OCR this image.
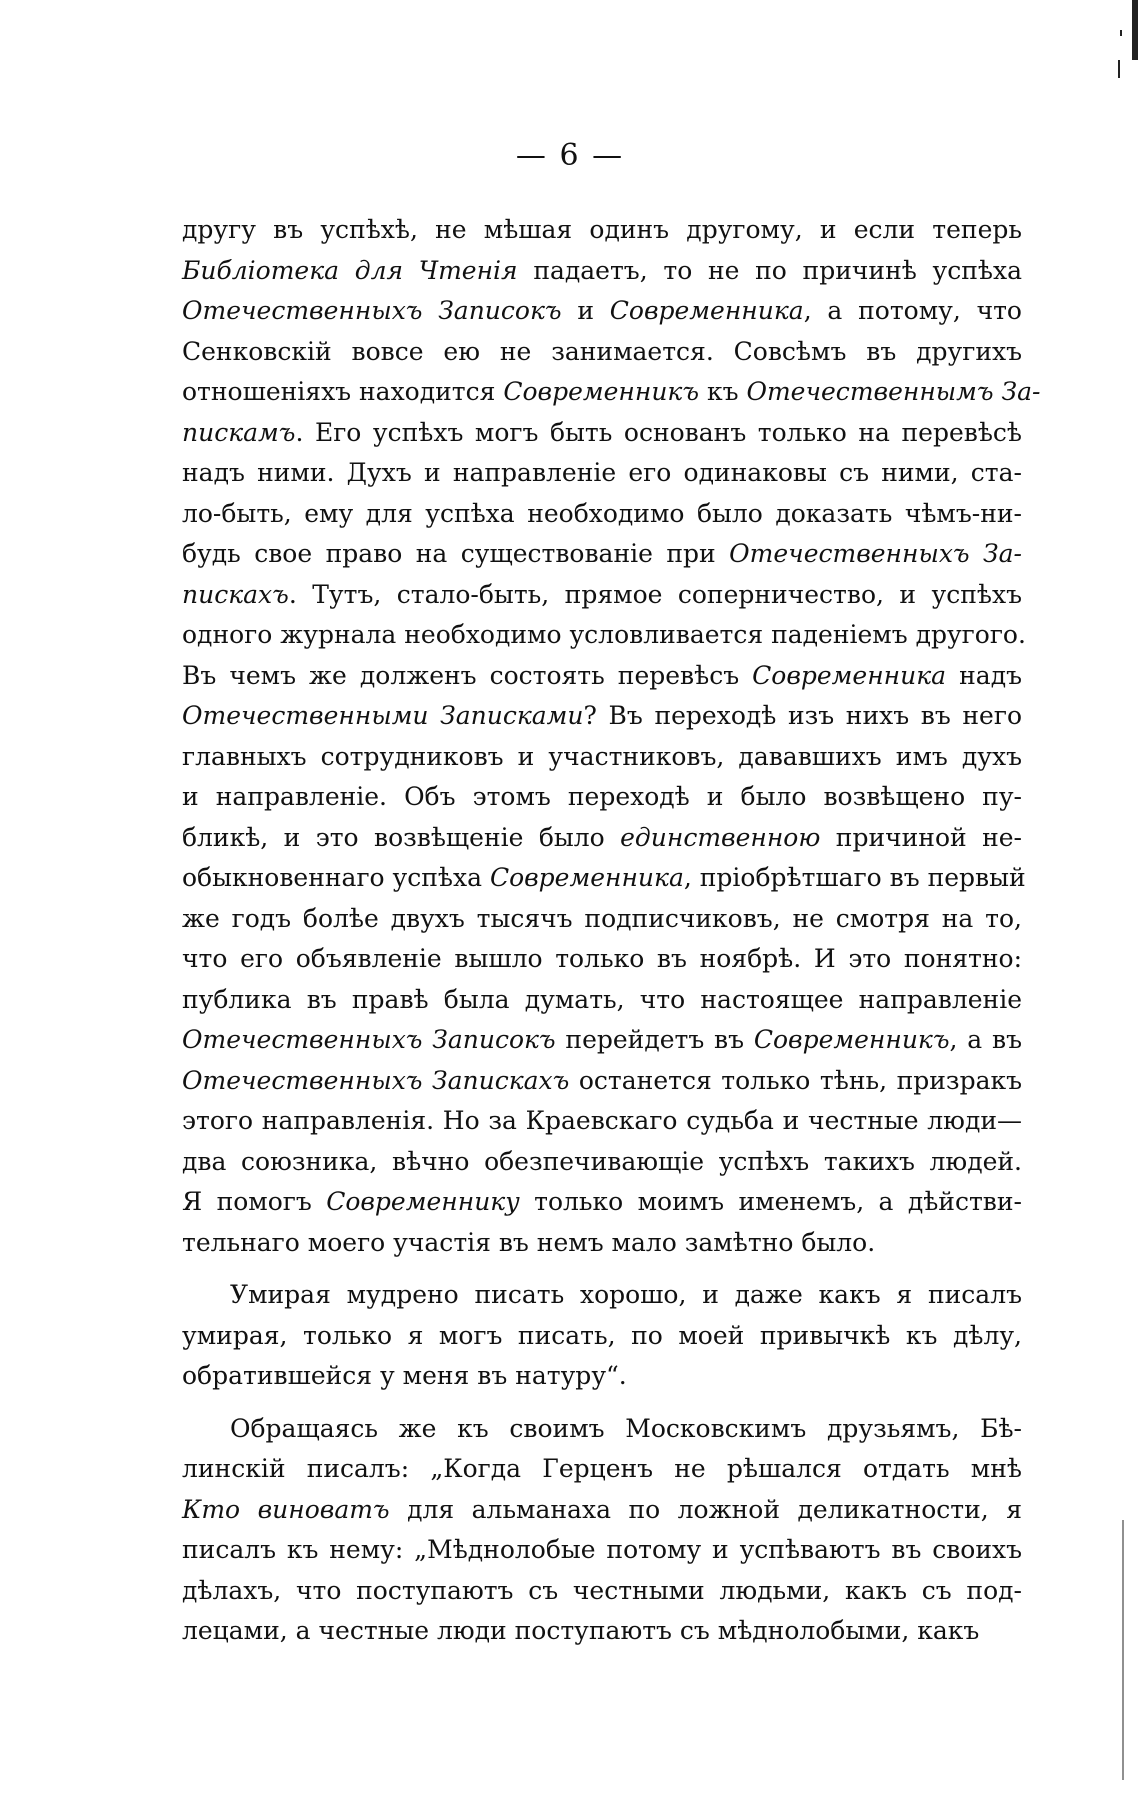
— 6 —
другу въ успѣхѣ, не мѣшая одинъ другому, и если теперь
Библіотека для Чтенія падаетъ, то не по причинѣ успѣха
Отечественныхъ Записокъ и Современника, а потому, что
Сенковскій вовсе ею не занимается. Совсѣмъ въ другихъ
отношеніяхъ находится Современникъ къ Отечественнымъ За-
пискамъ. Его успѣхъ могъ быть основанъ только на перевѣсѣ
надъ ними. Духъ и направленіе его одинаковы съ ними, ста-
ло-быть, ему для успѣха необходимо было доказать чѣмъ-ни-
будь свое право на существованіе при Отечественныхъ За-
пискахъ. Тутъ, стало-быть, прямое соперничество, и успѣхъ
одного журнала необходимо условливается паденіемъ другого.
Въ чемъ же долженъ состоять перевѣсъ Современника надъ
Отечественными Записками? Въ переходѣ изъ нихъ въ него
главныхъ сотрудниковъ и участниковъ, дававшихъ имъ духъ
и направленіе. Объ этомъ переходѣ и было возвѣщено пу-
бликѣ, и это возвѣщеніе было единственною причиной не-
обыкновеннаго успѣха Современника, пріобрѣтшаго въ первый
же годъ болѣе двухъ тысячъ подписчиковъ, не смотря на то,
что его объявленіе вышло только въ ноябрѣ. И это понятно:
публика въ правѣ была думать, что настоящее направленіе
Отечественныхъ Записокъ перейдетъ въ Современникъ, а въ
Отечественныхъ Запискахъ останется только тѣнь, призракъ
этого направленія. Но за Краевскаго судьба и честные люди—
два союзника, вѣчно обезпечивающіе успѣхъ такихъ людей.
Я помогъ Современнику только моимъ именемъ, а дѣйстви-
тельнаго моего участія въ немъ мало замѣтно было.
Умирая мудрено писать хорошо, и даже какъ я писалъ
умирая, только я могъ писать, по моей привычкѣ къ дѣлу,
обратившейся у меня въ натуру“.
Обращаясь же къ своимъ Московскимъ друзьямъ, Бѣ-
линскій писалъ: „Когда Герценъ не рѣшался отдать мнѣ
Кто виноватъ для альманаха по ложной деликатности, я
писалъ къ нему: „Мѣднолобые потому и успѣваютъ въ своихъ
дѣлахъ, что поступаютъ съ честными людьми, какъ съ под-
лецами, а честные люди поступаютъ съ мѣднолобыми, какъ
